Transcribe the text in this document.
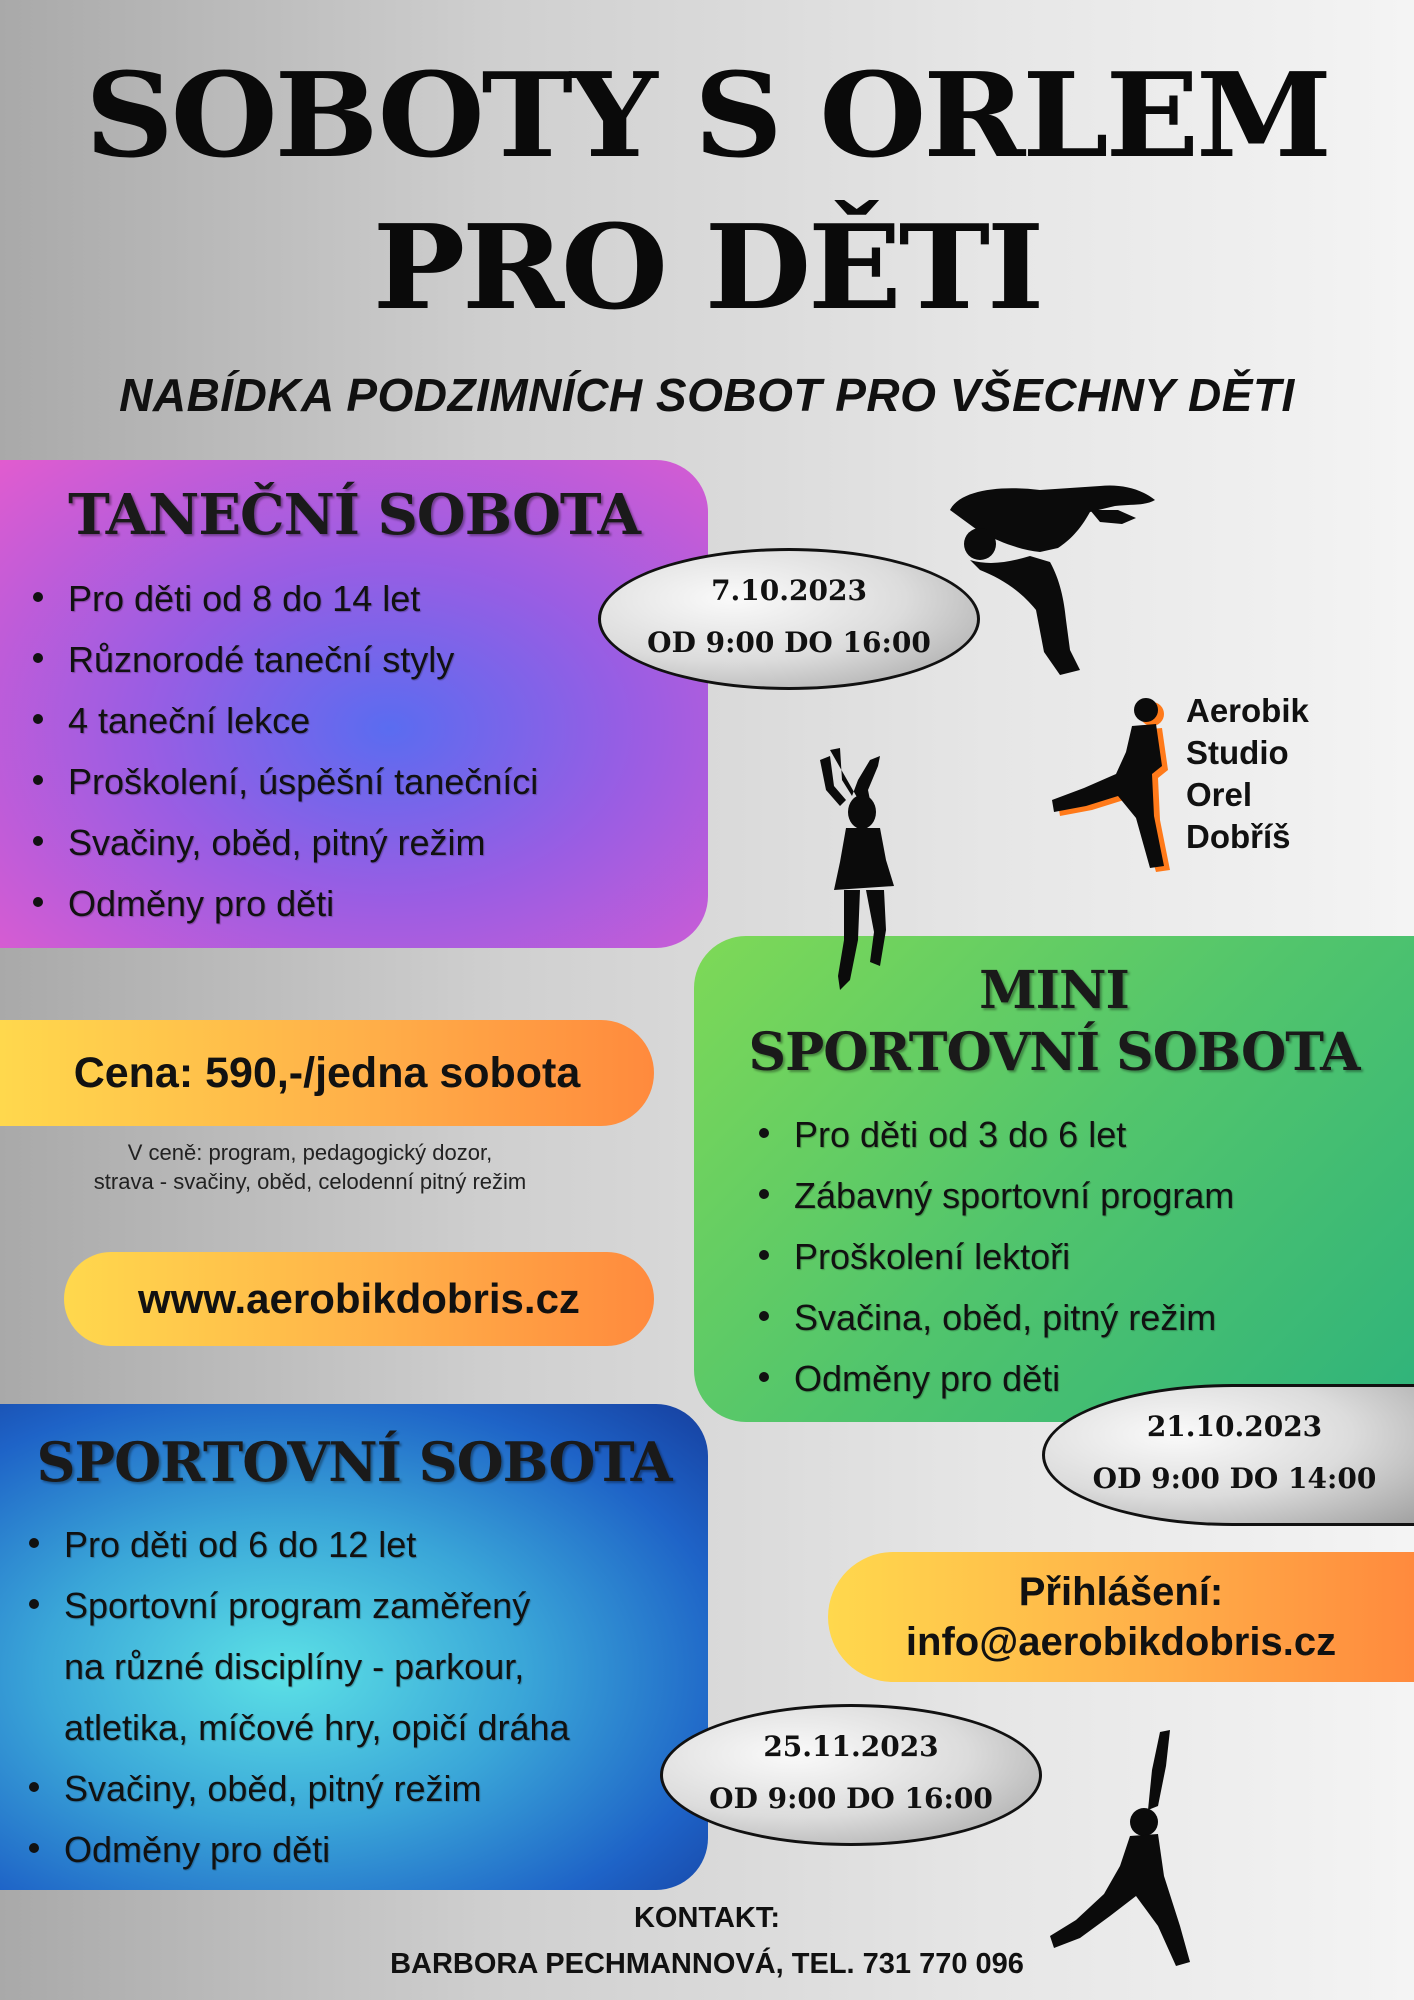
SOBOTY S ORLEM
PRO DĚTI
NABÍDKA PODZIMNÍCH SOBOT PRO VŠECHNY DĚTI
TANEČNÍ SOBOTA
Pro děti od 8 do 14 let
Různorodé taneční styly
4 taneční lekce
Proškolení, úspěšní tanečníci
Svačiny, oběd, pitný režim
Odměny pro děti
7.10.2023
OD 9:00 DO 16:00
Cena: 590,-/jedna sobota
V ceně: program, pedagogický dozor,
strava - svačiny, oběd, celodenní pitný režim
www.aerobikdobris.cz
MINI
SPORTOVNÍ SOBOTA
Pro děti od 3 do 6 let
Zábavný sportovní program
Proškolení lektoři
Svačina, oběd, pitný režim
Odměny pro děti
21.10.2023
OD 9:00 DO 14:00
Přihlášení:
info@aerobikdobris.cz
SPORTOVNÍ SOBOTA
Pro děti od 6 do 12 let
Sportovní program zaměřený
na různé disciplíny - parkour,
atletika, míčové hry, opičí dráha
Svačiny, oběd, pitný režim
Odměny pro děti
25.11.2023
OD 9:00 DO 16:00
Aerobik
Studio
Orel
Dobříš
KONTAKT:
BARBORA PECHMANNOVÁ, TEL. 731 770 096
